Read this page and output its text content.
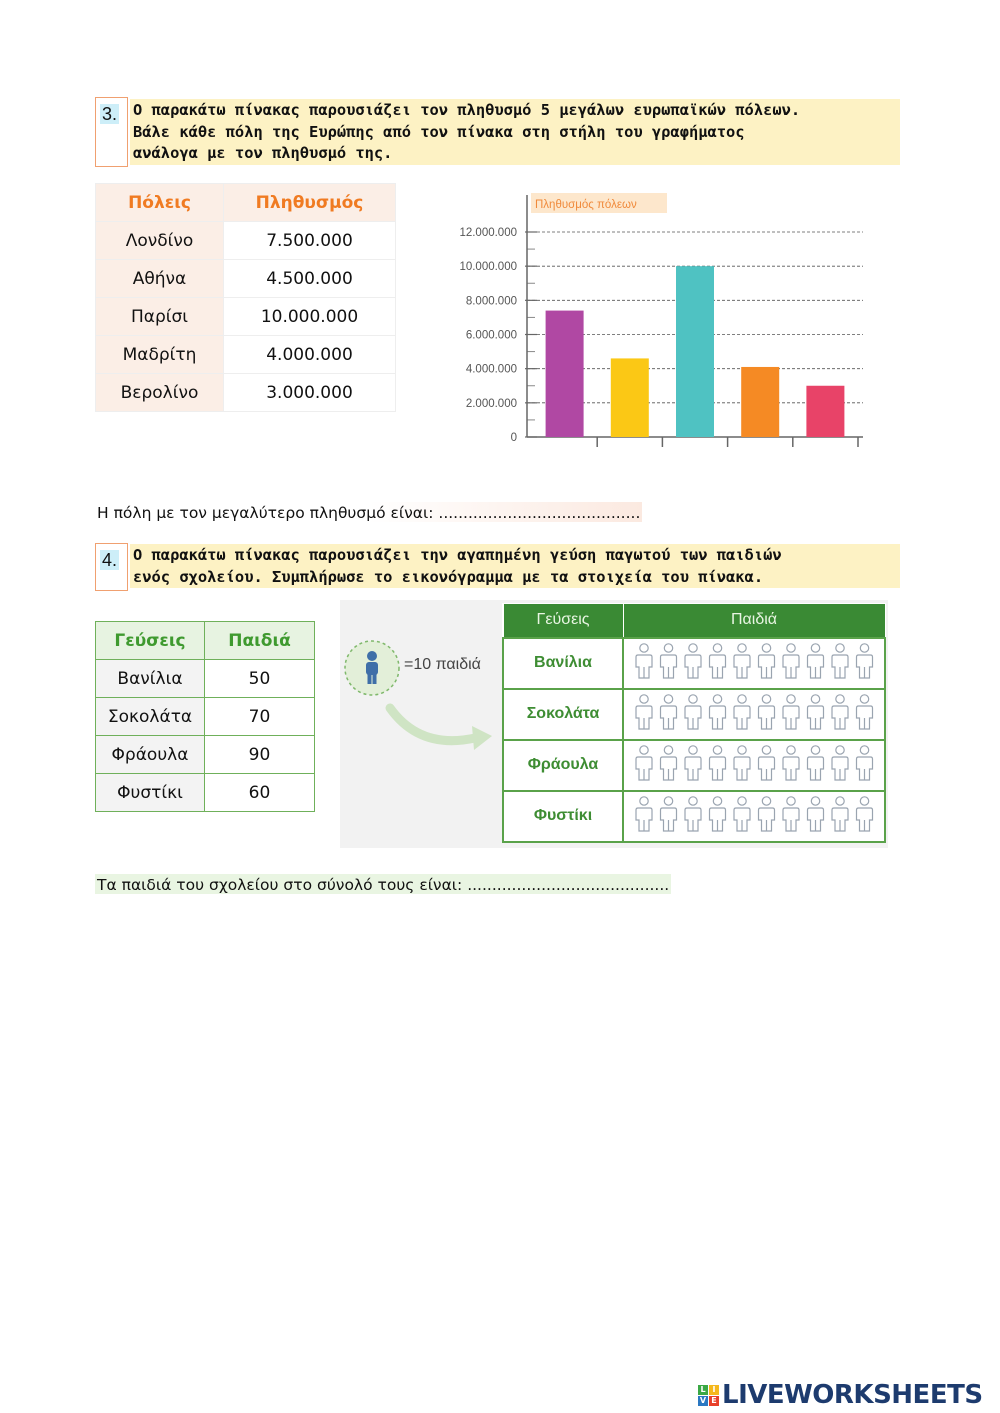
3.	Ο παρακάτω πίνακας παρουσιάζει τον πληθυσμό 5 μεγάλων ευρωπαϊκών πόλεων.
Βάλε κάθε πόλη της Ευρώπης από τον πίνακα στη στήλη του γραφήματος
ανάλογα με τον πληθυσμό της.
Πόλεις	Πληθυσμός
Λονδίνο	7.500.000
Αθήνα	4.500.000
Παρίσι	10.000.000
Μαδρίτη	4.000.000
Βερολίνο	3.000.000
Πληθυσμός πόλεων
0
2.000.000
4.000.000
6.000.000
8.000.000
10.000.000
12.000.000
Η πόλη με τον μεγαλύτερο πληθυσμό είναι: .........................................
4.	Ο παρακάτω πίνακας παρουσιάζει την αγαπημένη γεύση παγωτού των παιδιών
ενός σχολείου. Συμπλήρωσε το εικονόγραμμα με τα στοιχεία του πίνακα.
Γεύσεις	Παιδιά
Βανίλια	50
Σοκολάτα	70
Φράουλα	90
Φυστίκι	60
=10 παιδιά
Γεύσεις	Παιδιά
Βανίλια	
Σοκολάτα	
Φράουλα	
Φυστίκι	
Τα παιδιά του σχολείου στο σύνολό τους είναι: .........................................
L I
V E LIVEWORKSHEETS
